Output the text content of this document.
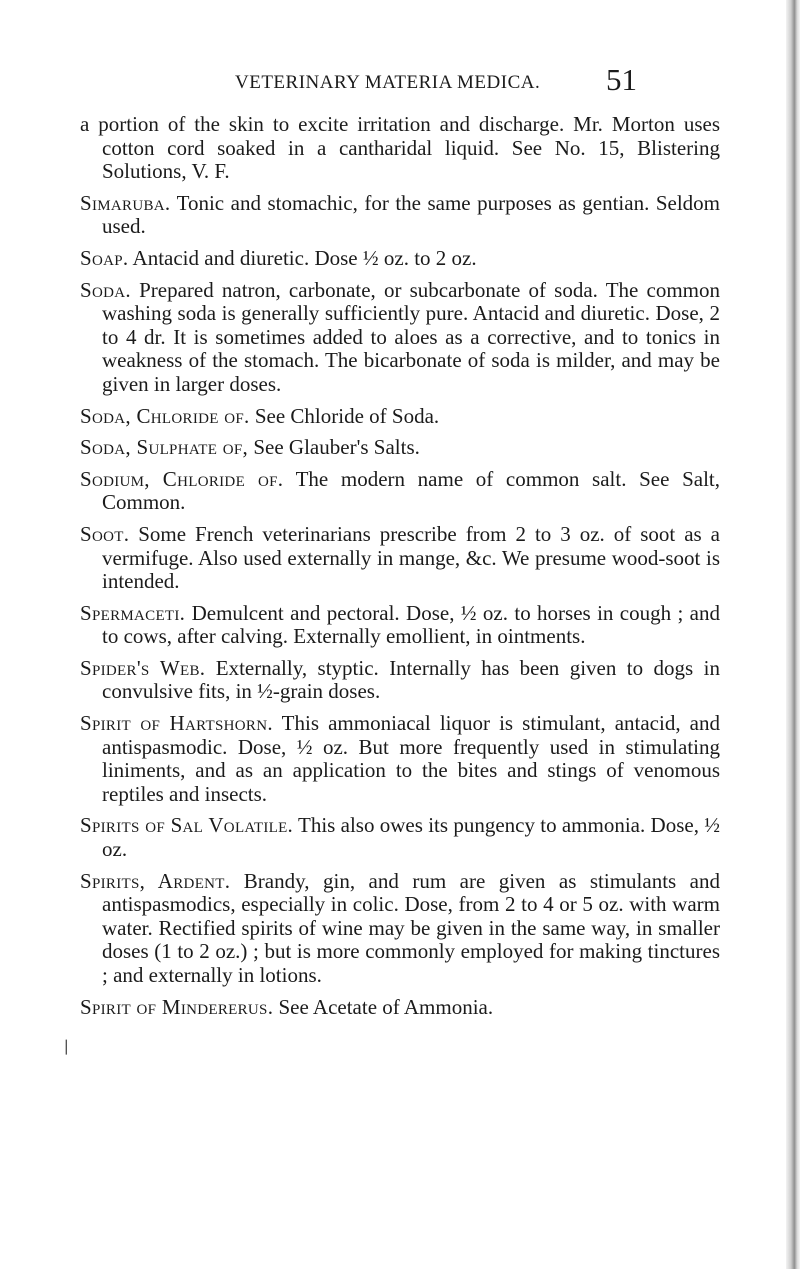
VETERINARY MATERIA MEDICA.	51

a portion of the skin to excite irritation and discharge. Mr. Morton uses cotton cord soaked in a cantharidal liquid. See No. 15, Blistering Solutions, V. F.

Simaruba. Tonic and stomachic, for the same purposes as gentian. Seldom used.

Soap. Antacid and diuretic. Dose ½ oz. to 2 oz.

Soda. Prepared natron, carbonate, or subcarbonate of soda. The common washing soda is generally sufficiently pure. Antacid and diuretic. Dose, 2 to 4 dr. It is sometimes added to aloes as a corrective, and to tonics in weakness of the stomach. The bicarbonate of soda is milder, and may be given in larger doses.

Soda, Chloride of. See Chloride of Soda.

Soda, Sulphate of, See Glauber's Salts.

Sodium, Chloride of. The modern name of common salt. See Salt, Common.

Soot. Some French veterinarians prescribe from 2 to 3 oz. of soot as a vermifuge. Also used externally in mange, &c. We presume wood-soot is intended.

Spermaceti. Demulcent and pectoral. Dose, ½ oz. to horses in cough ; and to cows, after calving. Externally emollient, in ointments.

Spider's Web. Externally, styptic. Internally has been given to dogs in convulsive fits, in ½-grain doses.

Spirit of Hartshorn. This ammoniacal liquor is stimulant, antacid, and antispasmodic. Dose, ½ oz. But more frequently used in stimulating liniments, and as an application to the bites and stings of venomous reptiles and insects.

Spirits of Sal Volatile. This also owes its pungency to ammonia. Dose, ½ oz.

Spirits, Ardent. Brandy, gin, and rum are given as stimulants and antispasmodics, especially in colic. Dose, from 2 to 4 or 5 oz. with warm water. Rectified spirits of wine may be given in the same way, in smaller doses (1 to 2 oz.) ; but is more commonly employed for making tinctures ; and externally in lotions.

Spirit of Mindererus. See Acetate of Ammonia.

❘
